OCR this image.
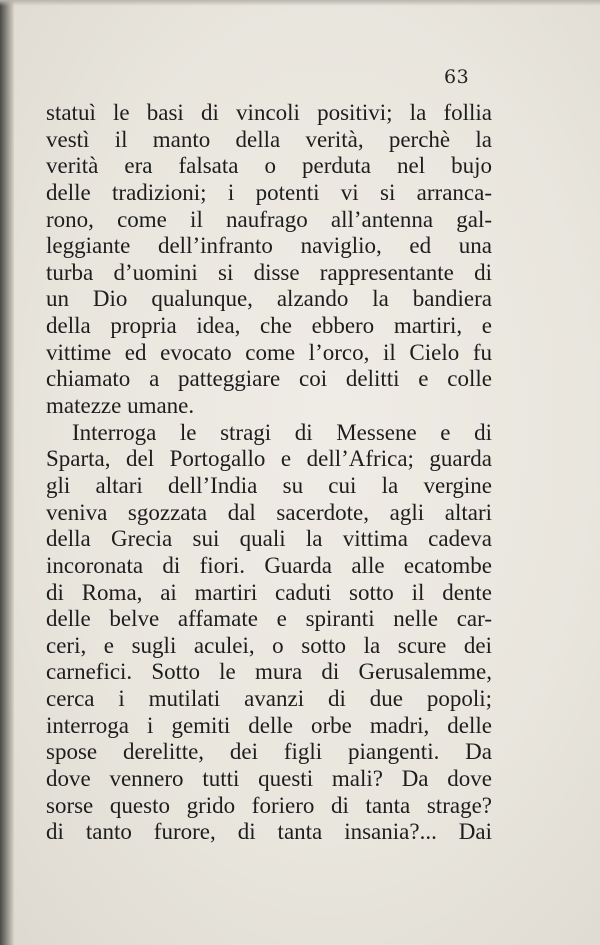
63
statuì le basi di vincoli positivi; la follia
vestì il manto della verità, perchè la
verità era falsata o perduta nel bujo
delle tradizioni; i potenti vi si arranca-
rono, come il naufrago all’antenna gal-
leggiante dell’infranto naviglio, ed una
turba d’uomini si disse rappresentante di
un Dio qualunque, alzando la bandiera
della propria idea, che ebbero martiri, e
vittime ed evocato come l’orco, il Cielo fu
chiamato a patteggiare coi delitti e colle
matezze umane.
Interroga le stragi di Messene e di
Sparta, del Portogallo e dell’Africa; guarda
gli altari dell’India su cui la vergine
veniva sgozzata dal sacerdote, agli altari
della Grecia sui quali la vittima cadeva
incoronata di fiori. Guarda alle ecatombe
di Roma, ai martiri caduti sotto il dente
delle belve affamate e spiranti nelle car-
ceri, e sugli aculei, o sotto la scure dei
carnefici. Sotto le mura di Gerusalemme,
cerca i mutilati avanzi di due popoli;
interroga i gemiti delle orbe madri, delle
spose derelitte, dei figli piangenti. Da
dove vennero tutti questi mali? Da dove
sorse questo grido foriero di tanta strage?
di tanto furore, di tanta insania?... Dai
